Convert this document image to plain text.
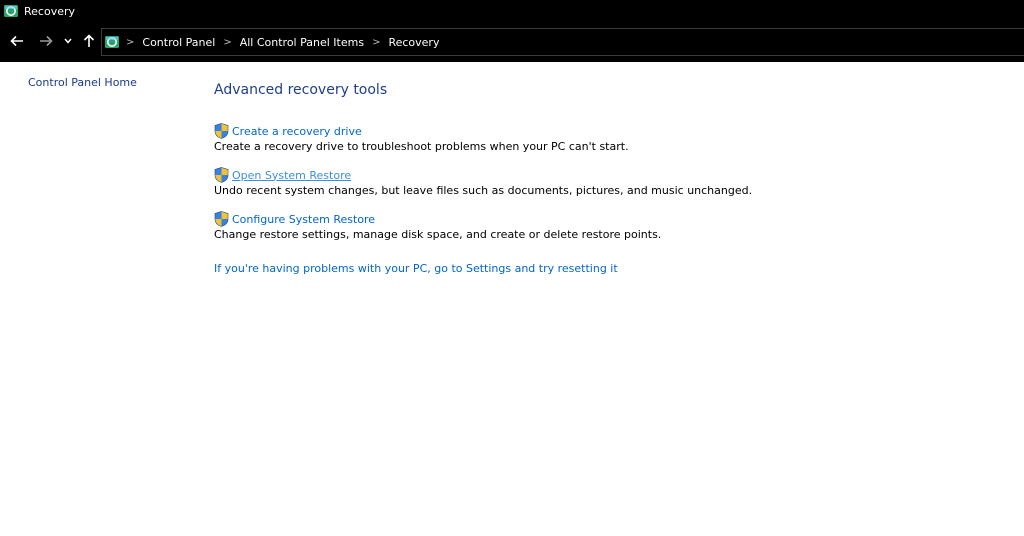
Recovery
> Control Panel > All Control Panel Items > Recovery
Control Panel Home	Advanced recovery tools
Create a recovery drive
Create a recovery drive to troubleshoot problems when your PC can't start.
Open System Restore
Undo recent system changes, but leave files such as documents, pictures, and music unchanged.
Configure System Restore
Change restore settings, manage disk space, and create or delete restore points.
If you're having problems with your PC, go to Settings and try resetting it
